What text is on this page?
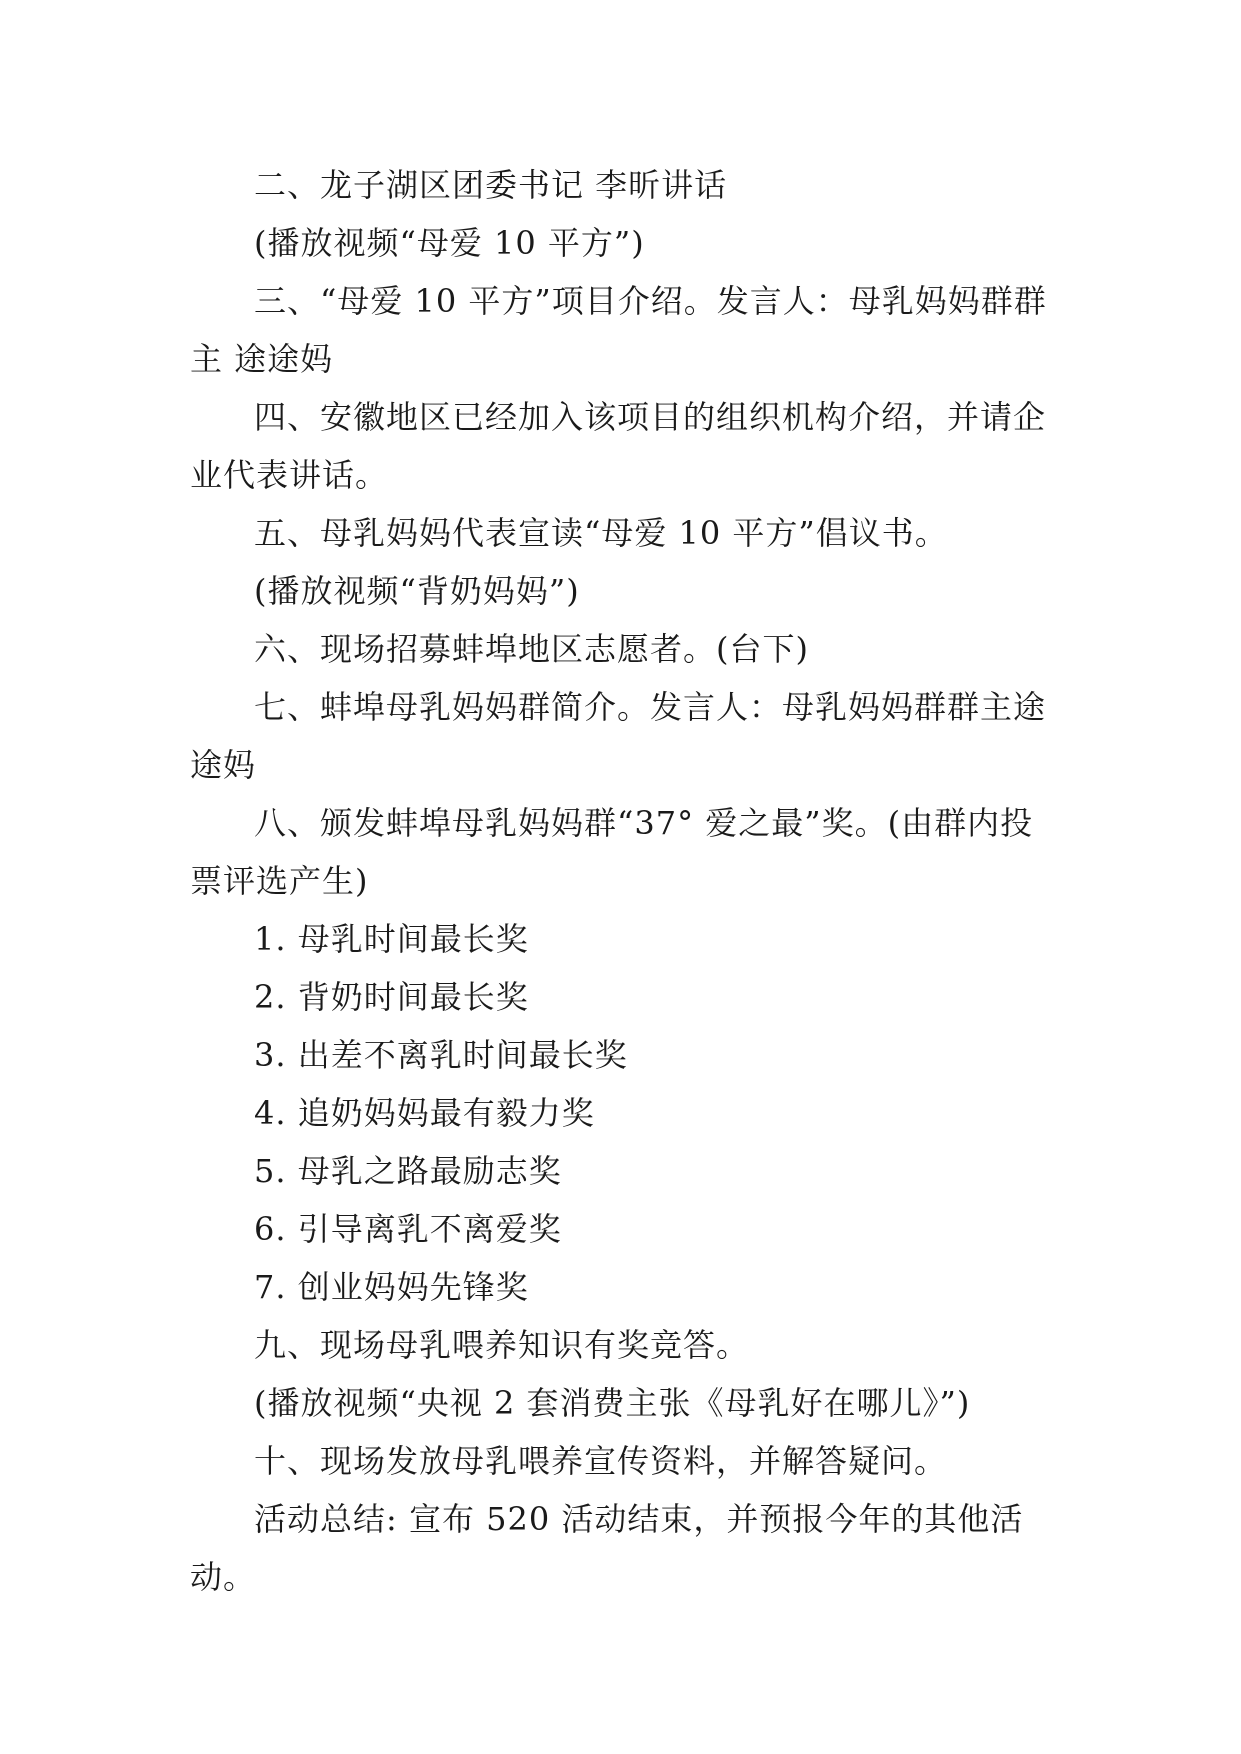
二、龙子湖区团委书记 李昕讲话

(播放视频“母爱 10 平方”)

三、“母爱 10 平方”项目介绍。发言人：母乳妈妈群群主 途途妈

四、安徽地区已经加入该项目的组织机构介绍，并请企业代表讲话。

五、母乳妈妈代表宣读“母爱 10 平方”倡议书。

(播放视频“背奶妈妈”)

六、现场招募蚌埠地区志愿者。(台下)

七、蚌埠母乳妈妈群简介。发言人：母乳妈妈群群主途途妈

八、颁发蚌埠母乳妈妈群“37° 爱之最”奖。(由群内投票评选产生)

1. 母乳时间最长奖

2. 背奶时间最长奖

3. 出差不离乳时间最长奖

4. 追奶妈妈最有毅力奖

5. 母乳之路最励志奖

6. 引导离乳不离爱奖

7. 创业妈妈先锋奖

九、现场母乳喂养知识有奖竞答。

(播放视频“央视 2 套消费主张《母乳好在哪儿》”)

十、现场发放母乳喂养宣传资料，并解答疑问。

活动总结: 宣布 520 活动结束，并预报今年的其他活动。
